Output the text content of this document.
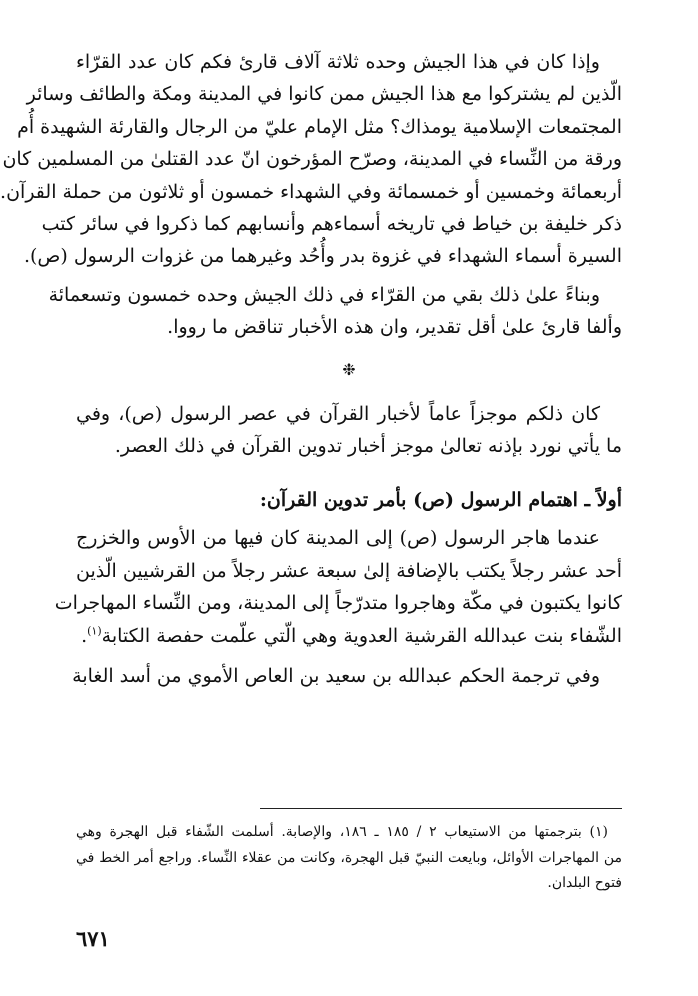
وإذا كان في هذا الجيش وحده ثلاثة آلاف قارئ فكم كان عدد القرّاء
الّذين لم يشتركوا مع هذا الجيش ممن كانوا في المدينة ومكة والطائف وسائر
المجتمعات الإسلامية يومذاك؟ مثل الإمام عليّ من الرجال والقارئة الشهيدة أُم
ورقة من النِّساء في المدينة، وصرّح المؤرخون انّ عدد القتلىٰ من المسلمين كان
أربعمائة وخمسين أو خمسمائة وفي الشهداء خمسون أو ثلاثون من حملة القرآن.
ذكر خليفة بن خياط في تاريخه أسماءهم وأنسابهم كما ذكروا في سائر كتب
السيرة أسماء الشهداء في غزوة بدر وأُحُد وغيرهما من غزوات الرسول (ص).
وبناءً علىٰ ذلك بقي من القرّاء في ذلك الجيش وحده خمسون وتسعمائة
وألفا قارئ علىٰ أقل تقدير، وان هذه الأخبار تناقض ما رووا.
❉
كان ذلكم موجزاً عاماً لأخبار القرآن في عصر الرسول (ص)، وفي
ما يأتي نورد بإذنه تعالىٰ موجز أخبار تدوين القرآن في ذلك العصر.
أولاً ـ اهتمام الرسول (ص) بأمر تدوين القرآن:
عندما هاجر الرسول (ص) إلى المدينة كان فيها من الأوس والخزرج
أحد عشر رجلاً يكتب بالإضافة إلىٰ سبعة عشر رجلاً من القرشيين الّذين
كانوا يكتبون في مكّة وهاجروا متدرّجاً إلى المدينة، ومن النِّساء المهاجرات
الشّفاء بنت عبدالله القرشية العدوية وهي الّتي علّمت حفصة الكتابة$^{(١)}$.
وفي ترجمة الحكم عبدالله بن سعيد بن العاص الأموي من أسد الغابة
(١) بترجمتها من الاستيعاب ٢ / ١٨٥ ـ ١٨٦، والإصابة. أسلمت الشّفاء قبل الهجرة وهي
من المهاجرات الأوائل، وبايعت النبيّ قبل الهجرة، وكانت من عقلاء النِّساء. وراجع أمر الخط في
فتوح البلدان.
٦٧١
